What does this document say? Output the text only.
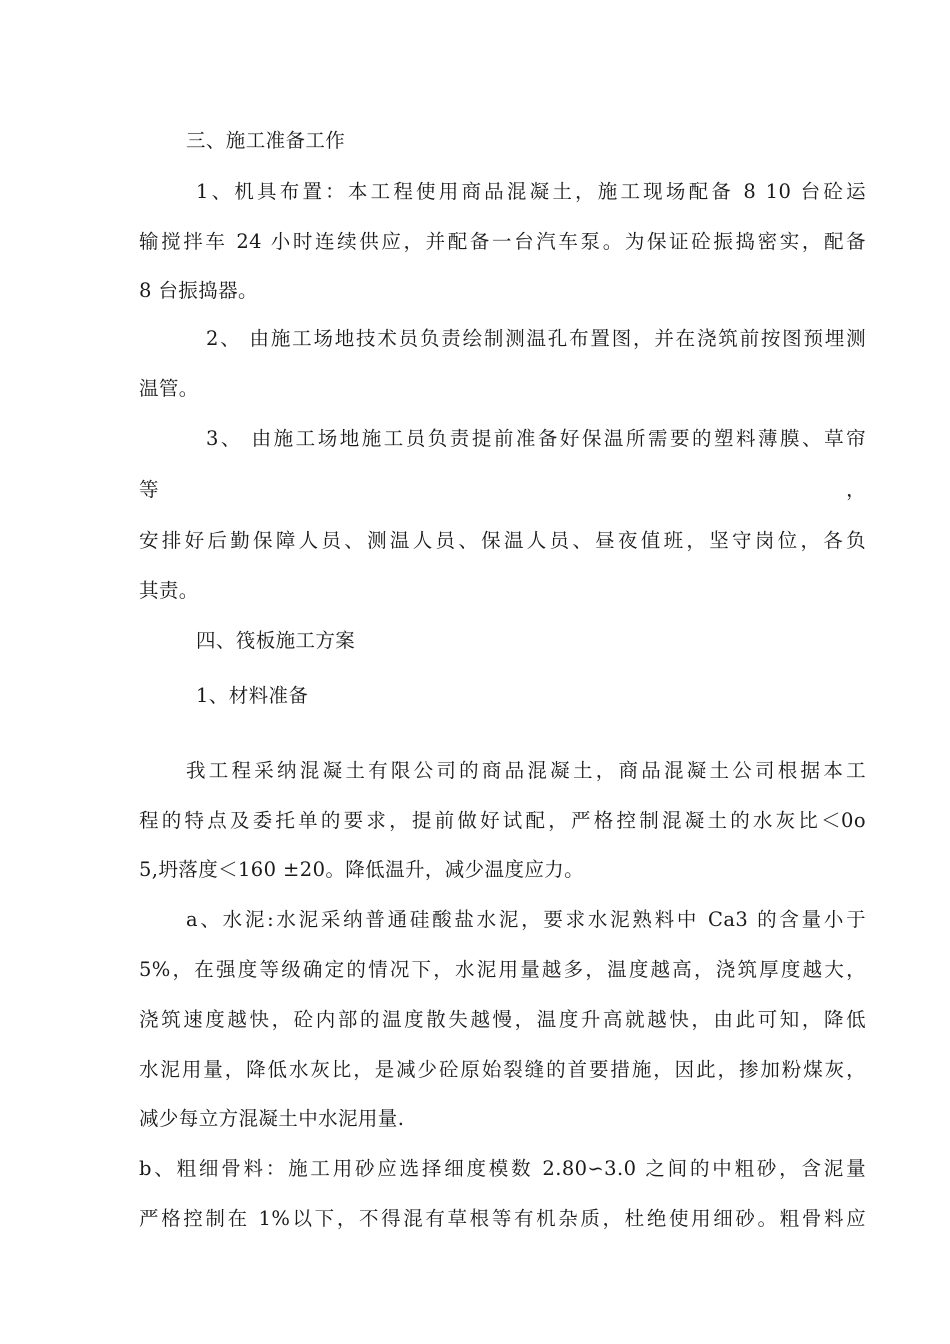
三、施工准备工作
1、机具布置：本工程使用商品混凝土，施工现场配备 8 10 台砼运
输搅拌车 24 小时连续供应，并配备一台汽车泵。为保证砼振捣密实，配备
8 台振捣器。
2、 由施工场地技术员负责绘制测温孔布置图，并在浇筑前按图预埋测
温管。
3、 由施工场地施工员负责提前准备好保温所需要的塑料薄膜、草帘
等	，
安排好后勤保障人员、测温人员、保温人员、昼夜值班，坚守岗位，各负
其责。
四、筏板施工方案
1、材料准备
我工程采纳混凝土有限公司的商品混凝土，商品混凝土公司根据本工
程的特点及委托单的要求，提前做好试配，严格控制混凝土的水灰比＜0o
5,坍落度＜160 ±20。降低温升，减少温度应力。
a、水泥:水泥采纳普通硅酸盐水泥，要求水泥熟料中 Ca3 的含量小于
5%，在强度等级确定的情况下，水泥用量越多，温度越高，浇筑厚度越大，
浇筑速度越快，砼内部的温度散失越慢，温度升高就越快，由此可知，降低
水泥用量，降低水灰比，是减少砼原始裂缝的首要措施，因此，掺加粉煤灰，
减少每立方混凝土中水泥用量.
b、粗细骨料：施工用砂应选择细度模数 2.80∽3.0 之间的中粗砂，含泥量
严格控制在 1%以下，不得混有草根等有机杂质，杜绝使用细砂。粗骨料应
